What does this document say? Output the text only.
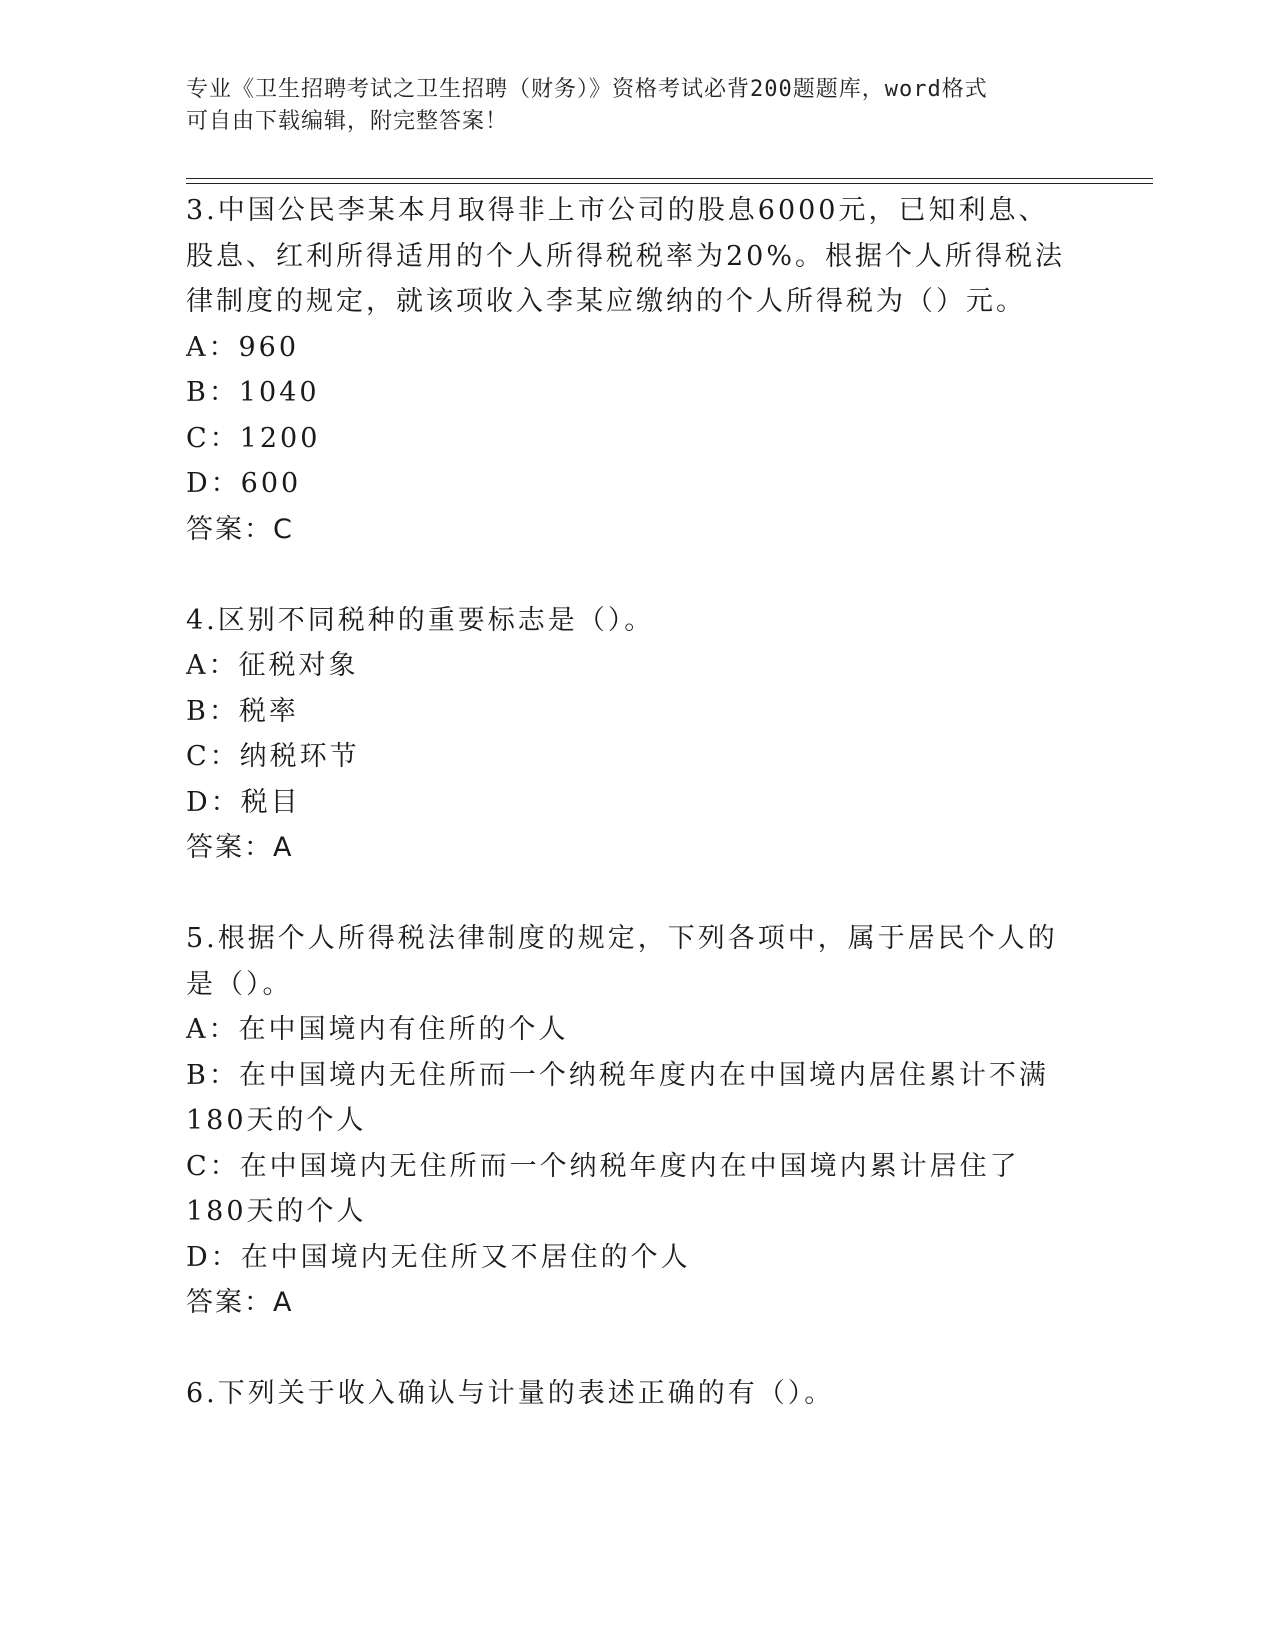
专业《卫生招聘考试之卫生招聘（财务）》资格考试必背200题题库，word格式
可自由下载编辑，附完整答案！

3.中国公民李某本月取得非上市公司的股息6000元，已知利息、股息、红利所得适用的个人所得税税率为20%。根据个人所得税法律制度的规定，就该项收入李某应缴纳的个人所得税为（）元。

A：960

B：1040

C：1200

D：600

答案：C

4.区别不同税种的重要标志是（）。

A：征税对象

B：税率

C：纳税环节

D：税目

答案：A

5.根据个人所得税法律制度的规定，下列各项中，属于居民个人的是（）。

A：在中国境内有住所的个人

B：在中国境内无住所而一个纳税年度内在中国境内居住累计不满180天的个人

C：在中国境内无住所而一个纳税年度内在中国境内累计居住了180天的个人

D：在中国境内无住所又不居住的个人

答案：A

6.下列关于收入确认与计量的表述正确的有（）。
